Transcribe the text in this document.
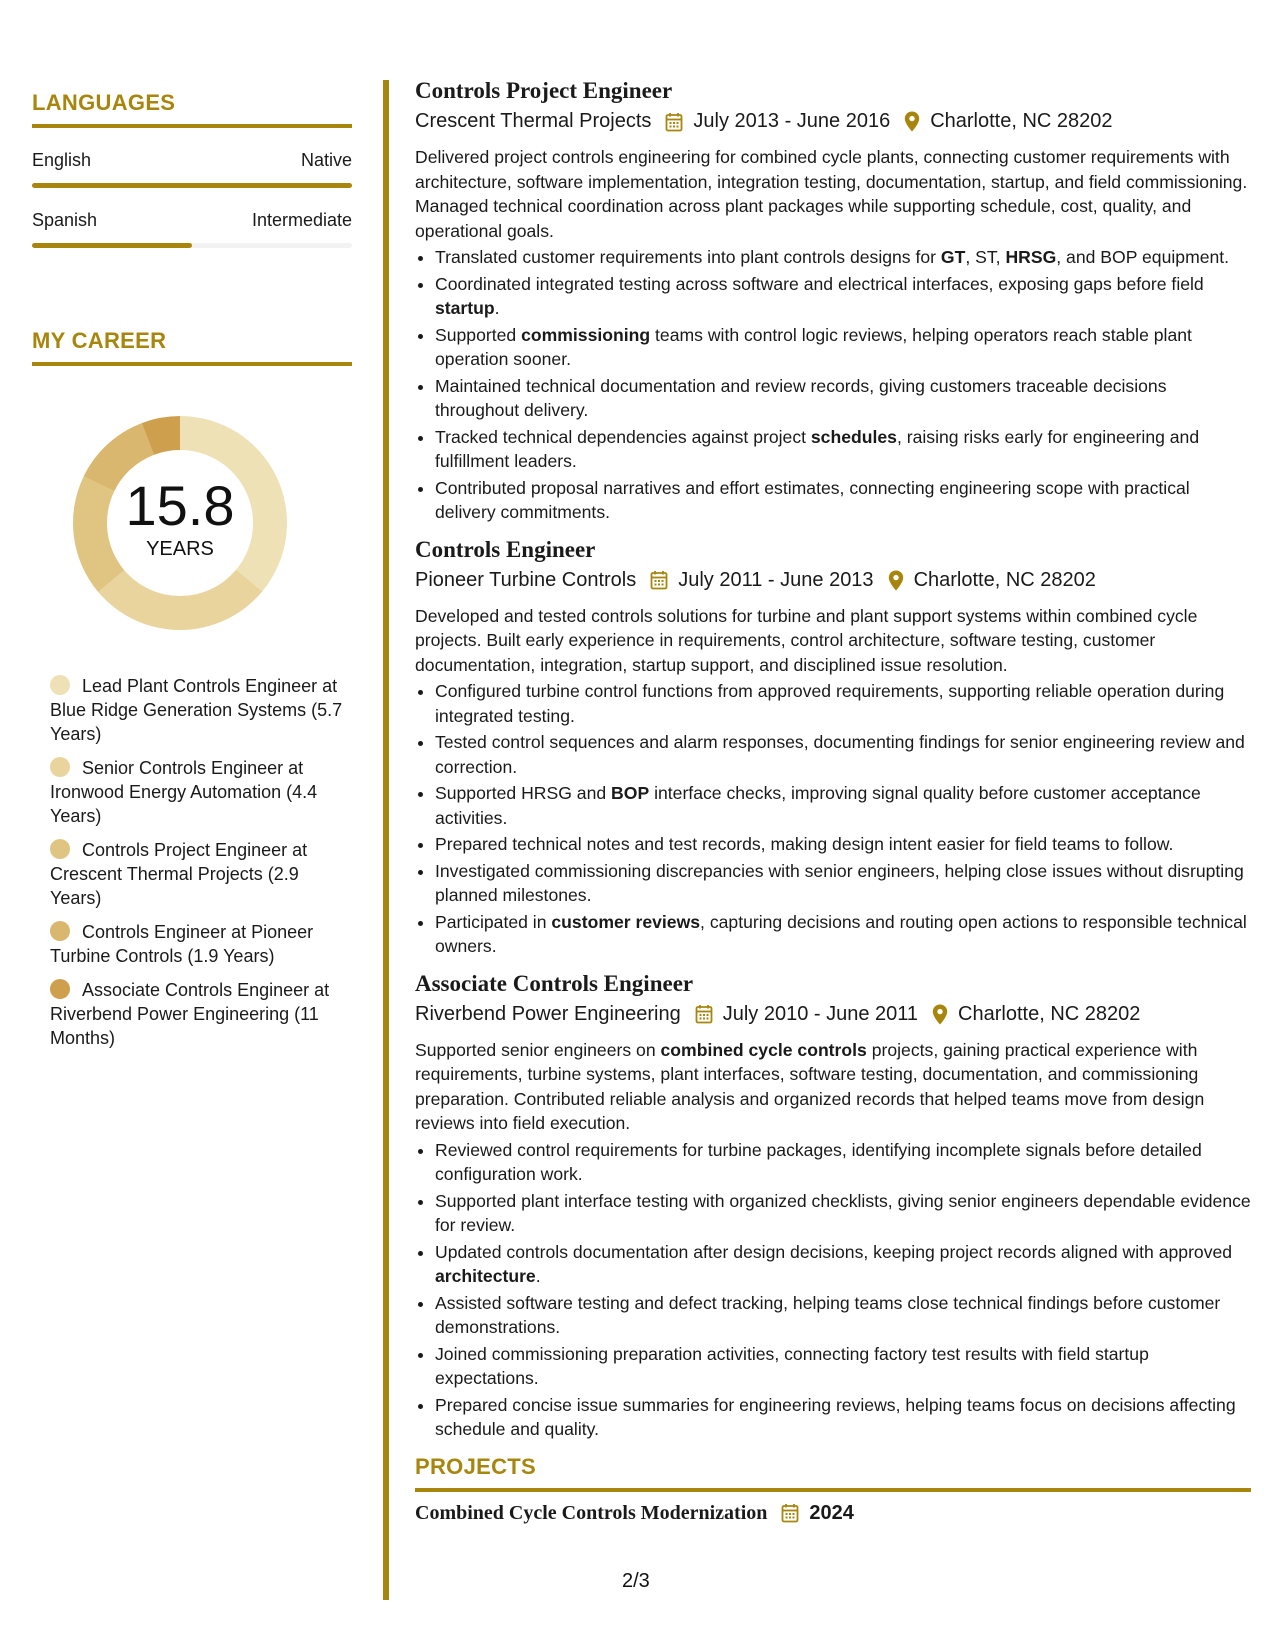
LANGUAGES
English	Native
Spanish	Intermediate
MY CAREER
15.8
YEARS
Lead Plant Controls Engineer at Blue Ridge Generation Systems (5.7 Years)
Senior Controls Engineer at Ironwood Energy Automation (4.4 Years)
Controls Project Engineer at Crescent Thermal Projects (2.9 Years)
Controls Engineer at Pioneer Turbine Controls (1.9 Years)
Associate Controls Engineer at Riverbend Power Engineering (11 Months)
Controls Project Engineer
Crescent Thermal Projects July 2013 - June 2016 Charlotte, NC 28202

Delivered project controls engineering for combined cycle plants, connecting customer requirements with architecture, software implementation, integration testing, documentation, startup, and field commissioning. Managed technical coordination across plant packages while supporting schedule, cost, quality, and operational goals.

• Translated customer requirements into plant controls designs for GT, ST, HRSG, and BOP equipment.
• Coordinated integrated testing across software and electrical interfaces, exposing gaps before field startup.
• Supported commissioning teams with control logic reviews, helping operators reach stable plant operation sooner.
• Maintained technical documentation and review records, giving customers traceable decisions throughout delivery.
• Tracked technical dependencies against project schedules, raising risks early for engineering and fulfillment leaders.
• Contributed proposal narratives and effort estimates, connecting engineering scope with practical delivery commitments.
Controls Engineer
Pioneer Turbine Controls July 2011 - June 2013 Charlotte, NC 28202

Developed and tested controls solutions for turbine and plant support systems within combined cycle projects. Built early experience in requirements, control architecture, software testing, customer documentation, integration, startup support, and disciplined issue resolution.

• Configured turbine control functions from approved requirements, supporting reliable operation during integrated testing.
• Tested control sequences and alarm responses, documenting findings for senior engineering review and correction.
• Supported HRSG and BOP interface checks, improving signal quality before customer acceptance activities.
• Prepared technical notes and test records, making design intent easier for field teams to follow.
• Investigated commissioning discrepancies with senior engineers, helping close issues without disrupting planned milestones.
• Participated in customer reviews, capturing decisions and routing open actions to responsible technical owners.
Associate Controls Engineer
Riverbend Power Engineering July 2010 - June 2011 Charlotte, NC 28202

Supported senior engineers on combined cycle controls projects, gaining practical experience with requirements, turbine systems, plant interfaces, software testing, documentation, and commissioning preparation. Contributed reliable analysis and organized records that helped teams move from design reviews into field execution.

• Reviewed control requirements for turbine packages, identifying incomplete signals before detailed configuration work.
• Supported plant interface testing with organized checklists, giving senior engineers dependable evidence for review.
• Updated controls documentation after design decisions, keeping project records aligned with approved architecture.
• Assisted software testing and defect tracking, helping teams close technical findings before customer demonstrations.
• Joined commissioning preparation activities, connecting factory test results with field startup expectations.
• Prepared concise issue summaries for engineering reviews, helping teams focus on decisions affecting schedule and quality.
PROJECTS
Combined Cycle Controls Modernization 2024
2/3
